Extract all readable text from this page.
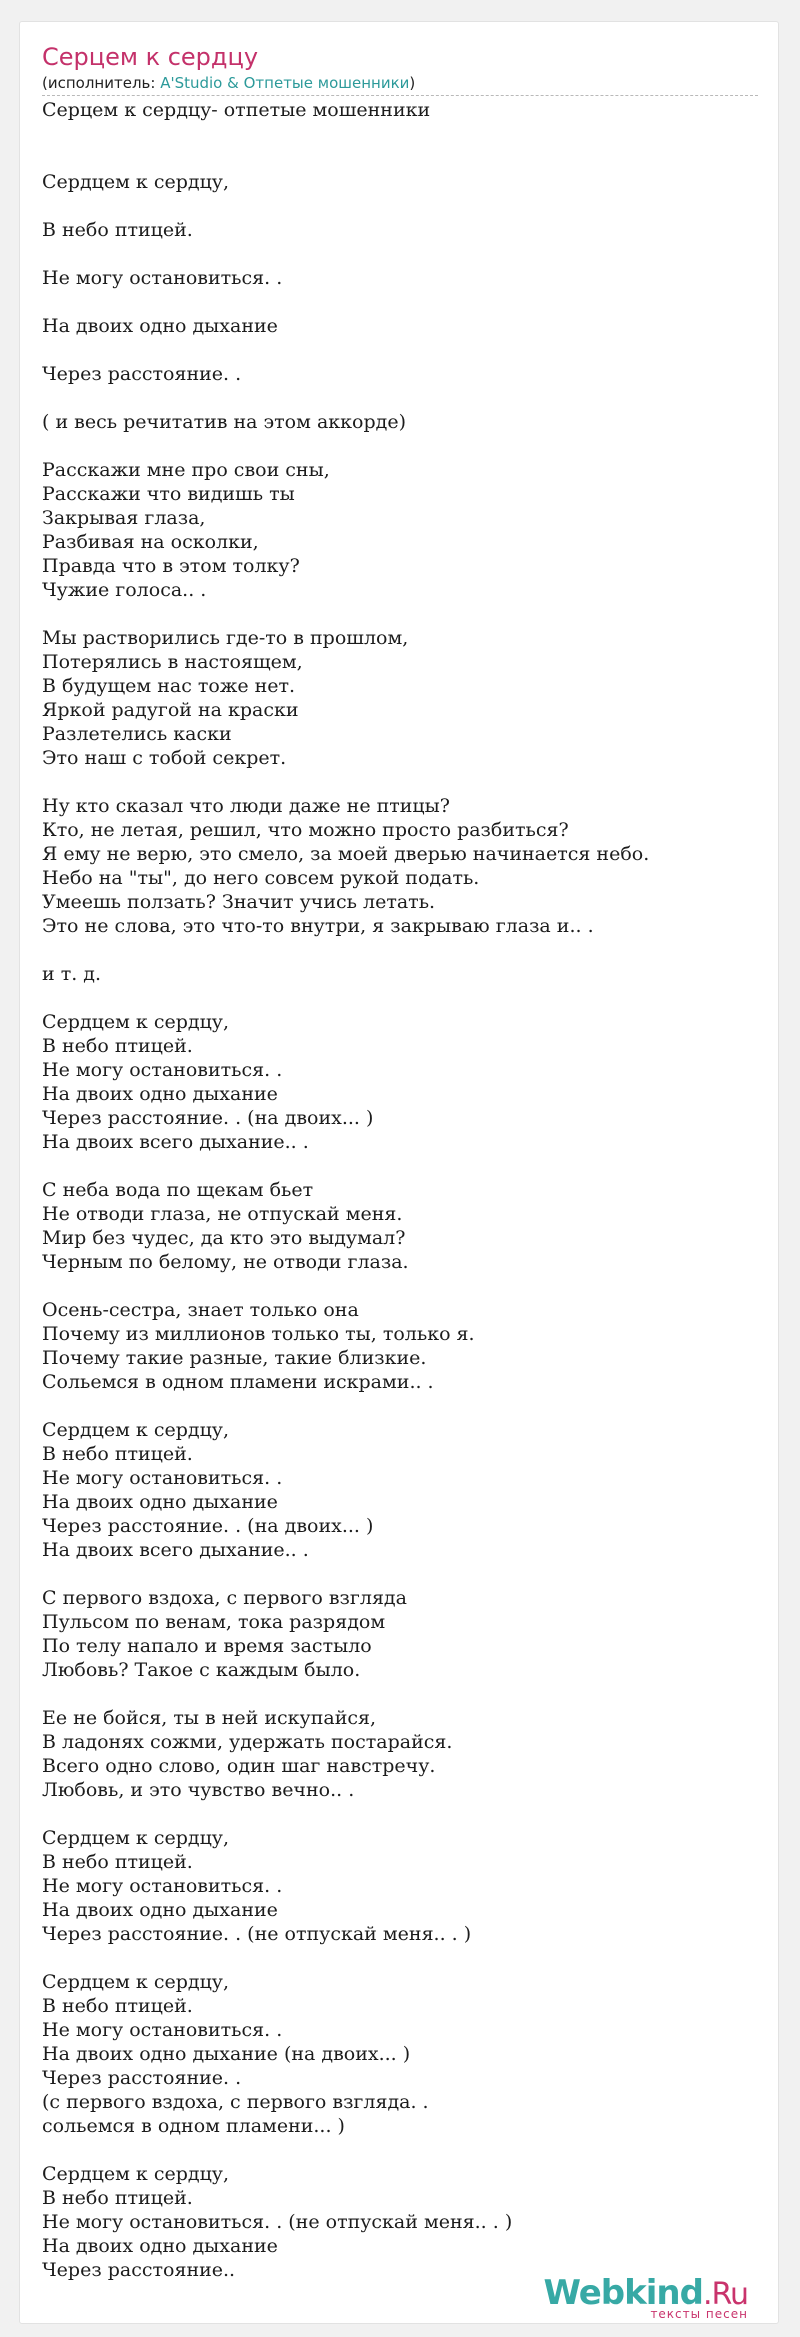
Серцем к сердцу
(исполнитель: A'Studio & Отпетые мошенники)
Серцем к сердцу- отпетые мошенники
Сердцем к сердцу,
В небо птицей.
Не могу остановиться. .
На двоих одно дыхание
Через расстояние. .
( и весь речитатив на этом аккорде)
Расскажи мне про свои сны,
Расскажи что видишь ты
Закрывая глаза,
Разбивая на осколки,
Правда что в этом толку?
Чужие голоса.. .
Мы растворились где-то в прошлом,
Потерялись в настоящем,
В будущем нас тоже нет.
Яркой радугой на краски
Разлетелись каски
Это наш с тобой секрет.
Ну кто сказал что люди даже не птицы?
Кто, не летая, решил, что можно просто разбиться?
Я ему не верю, это смело, за моей дверью начинается небо.
Небо на "ты", до него совсем рукой подать.
Умеешь ползать? Значит учись летать.
Это не слова, это что-то внутри, я закрываю глаза и.. .
и т. д.
Сердцем к сердцу,
В небо птицей.
Не могу остановиться. .
На двоих одно дыхание
Через расстояние. . (на двоих... )
На двоих всего дыхание.. .
С неба вода по щекам бьет
Не отводи глаза, не отпускай меня.
Мир без чудес, да кто это выдумал?
Черным по белому, не отводи глаза.
Осень-сестра, знает только она
Почему из миллионов только ты, только я.
Почему такие разные, такие близкие.
Сольемся в одном пламени искрами.. .
Сердцем к сердцу,
В небо птицей.
Не могу остановиться. .
На двоих одно дыхание
Через расстояние. . (на двоих... )
На двоих всего дыхание.. .
С первого вздоха, с первого взгляда
Пульсом по венам, тока разрядом
По телу напало и время застыло
Любовь? Такое с каждым было.
Ее не бойся, ты в ней искупайся,
В ладонях сожми, удержать постарайся.
Всего одно слово, один шаг навстречу.
Любовь, и это чувство вечно.. .
Сердцем к сердцу,
В небо птицей.
Не могу остановиться. .
На двоих одно дыхание
Через расстояние. . (не отпускай меня.. . )
Сердцем к сердцу,
В небо птицей.
Не могу остановиться. .
На двоих одно дыхание (на двоих... )
Через расстояние. .
(с первого вздоха, с первого взгляда. .
сольемся в одном пламени... )
Сердцем к сердцу,
В небо птицей.
Не могу остановиться. . (не отпускай меня.. . )
На двоих одно дыхание
Через расстояние..
Webkind.Ru
тексты песен
